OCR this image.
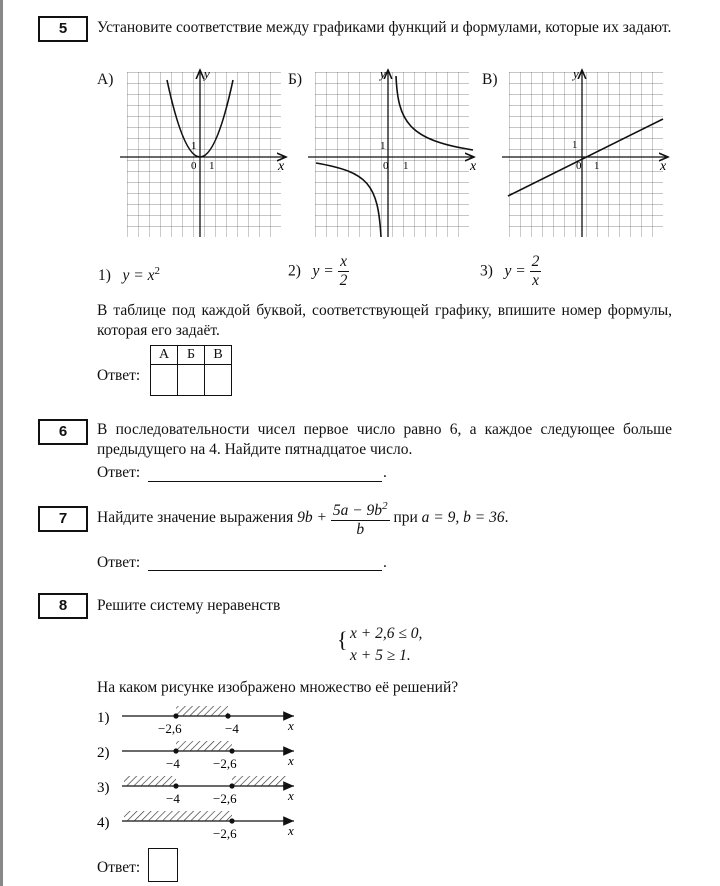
5	Установите соответствие между графиками функций и формулами, которые их задают.
А)	y
x
0 1
1
Б)	y
x
0 1
1
В)	y
x
0 1
1
1) $y = x^2$	2) $y = \frac{x}{2}$	3) $y = \frac{2}{x}$
В таблице под каждой буквой, соответствующей графику, впишите номер формулы, которая его задаёт.
Ответ:
А	Б	В

6	В последовательности чисел первое число равно 6, а каждое следующее больше предыдущего на 4. Найдите пятнадцатое число.
Ответ:	.
7	Найдите значение выражения $9b + \frac{5a - 9b^2}{b}$ при a = 9, b = 36.
Ответ:	.
8	Решите систему неравенств
{ x + 2,6 ≤ 0,
x + 5 ≥ 1.
На каком рисунке изображено множество её решений?
1)
−2,6	−4	x
2)
−4	−2,6	x
3)
−4	−2,6	x
4)
−2,6	x
Ответ:
